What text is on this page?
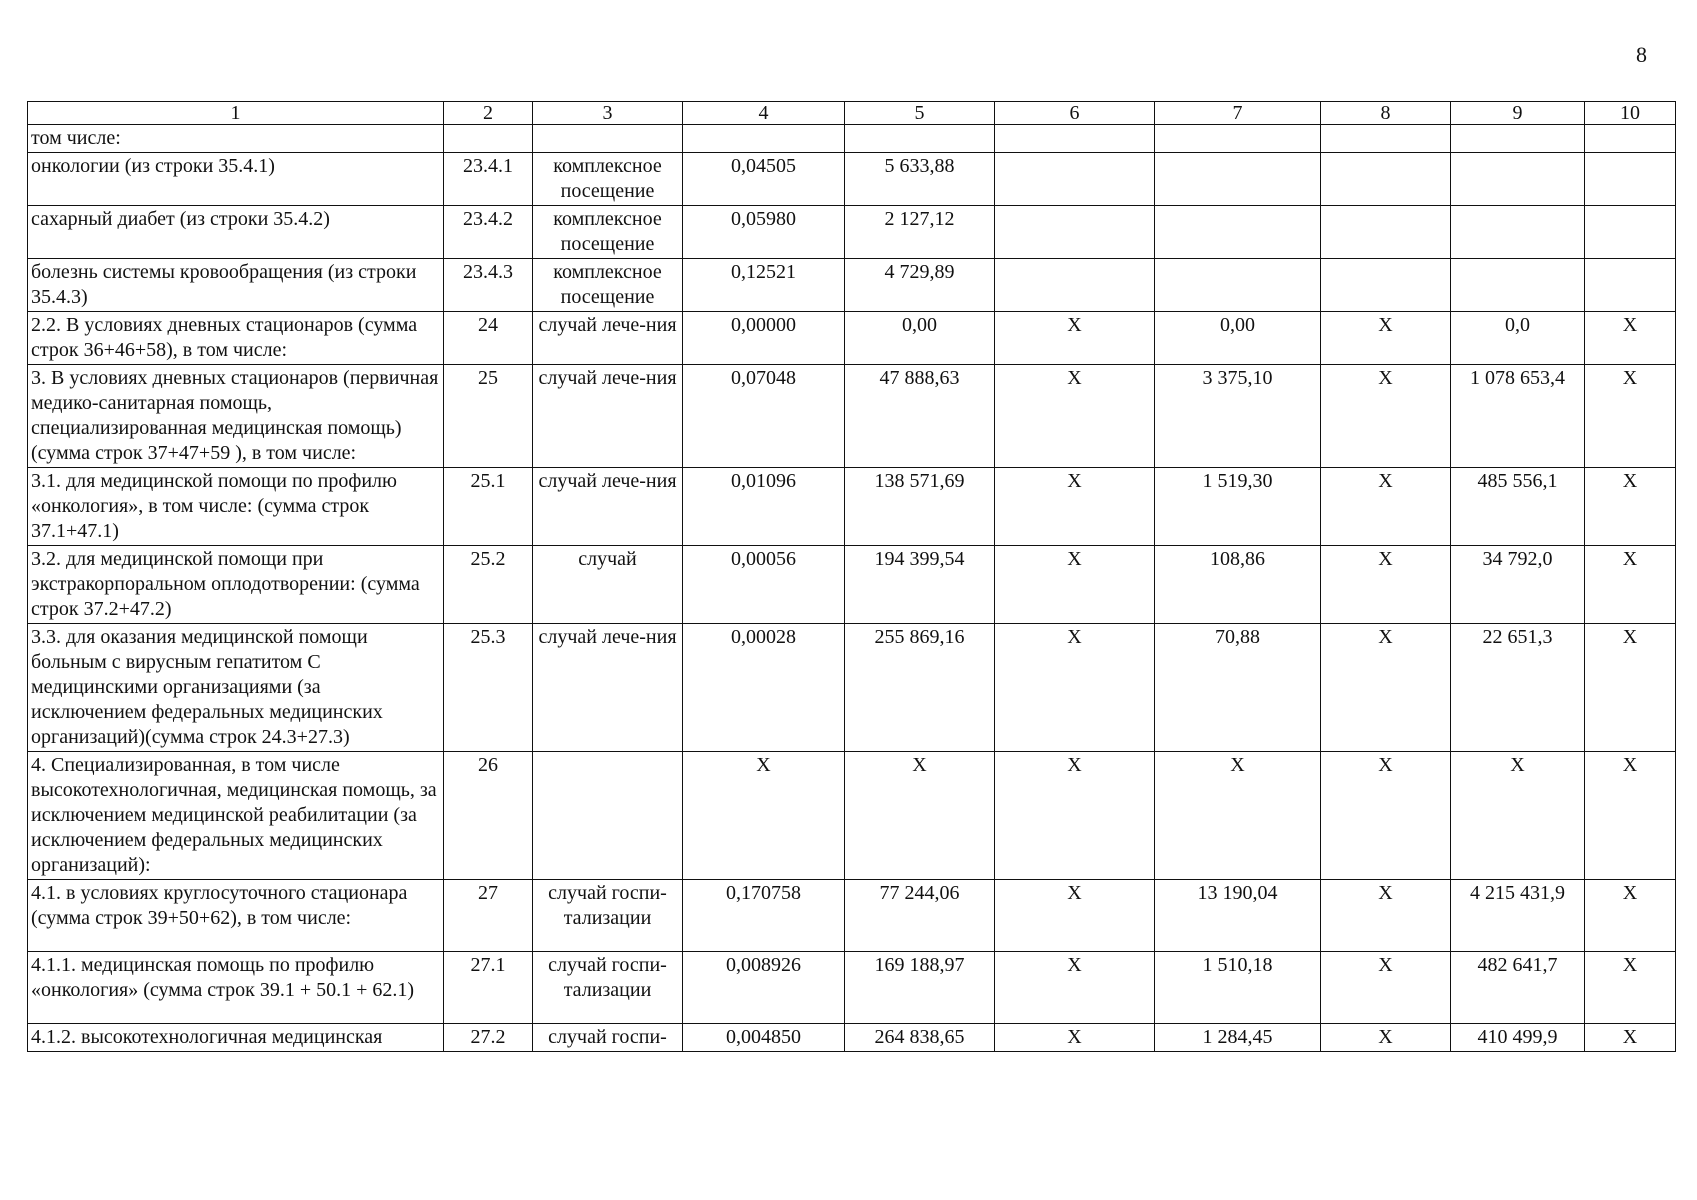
8
1	2	3	4	5	6	7	8	9	10
том числе:									
онкологии (из строки 35.4.1)	23.4.1	комплексное посещение	0,04505	5 633,88					
сахарный диабет (из строки 35.4.2)	23.4.2	комплексное посещение	0,05980	2 127,12					
болезнь системы кровообращения (из строки 35.4.3)	23.4.3	комплексное посещение	0,12521	4 729,89					
2.2. В условиях дневных стационаров (сумма строк 36+46+58), в том числе:	24	случай лече-ния	0,00000	0,00	Х	0,00	Х	0,0	Х
3. В условиях дневных стационаров (первичная медико-санитарная помощь, специализированная медицинская помощь) (сумма строк 37+47+59 ), в том числе:	25	случай лече-ния	0,07048	47 888,63	Х	3 375,10	Х	1 078 653,4	Х
3.1. для медицинской помощи по профилю «онкология», в том числе: (сумма строк 37.1+47.1)	25.1	случай лече-ния	0,01096	138 571,69	Х	1 519,30	Х	485 556,1	Х
3.2. для медицинской помощи при экстракорпоральном оплодотворении: (сумма строк 37.2+47.2)	25.2	случай	0,00056	194 399,54	Х	108,86	Х	34 792,0	Х
3.3. для оказания медицинской помощи больным с вирусным гепатитом С медицинскими организациями (за исключением федеральных медицинских организаций)(сумма строк 24.3+27.3)	25.3	случай лече-ния	0,00028	255 869,16	Х	70,88	Х	22 651,3	Х
4. Специализированная, в том числе высокотехнологичная, медицинская помощь, за исключением медицинской реабилитации (за исключением федеральных медицинских организаций):	26		Х	Х	Х	Х	Х	Х	Х
4.1. в условиях круглосуточного стационара (сумма строк 39+50+62), в том числе:	27	случай госпи-тализации	0,170758	77 244,06	Х	13 190,04	Х	4 215 431,9	Х
4.1.1. медицинская помощь по профилю «онкология» (сумма строк 39.1 + 50.1 + 62.1)	27.1	случай госпи-тализации	0,008926	169 188,97	Х	1 510,18	Х	482 641,7	Х
4.1.2. высокотехнологичная медицинская	27.2	случай госпи-	0,004850	264 838,65	Х	1 284,45	Х	410 499,9	Х
